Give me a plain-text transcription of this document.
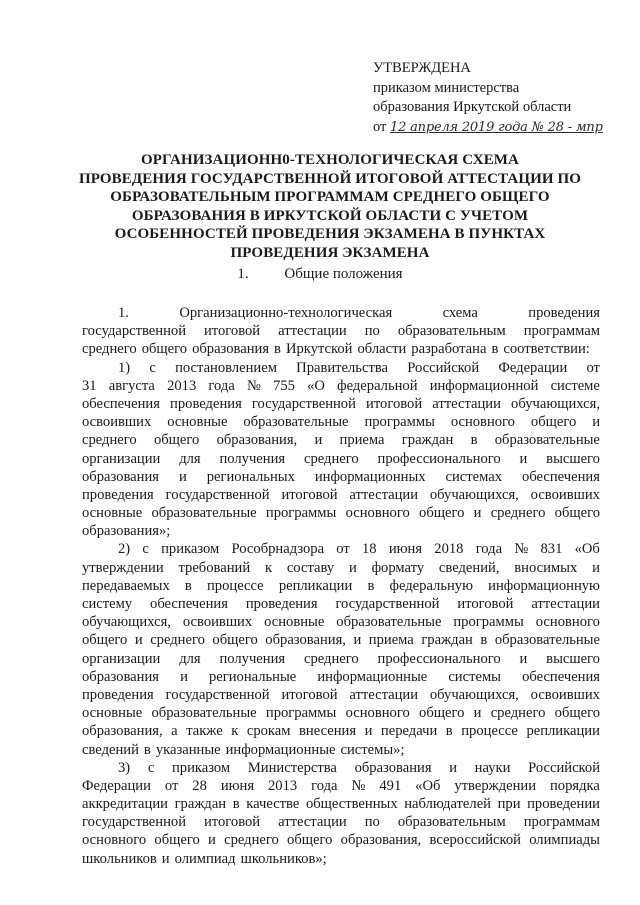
УТВЕРЖДЕНА
приказом министерства
образования Иркутской области
от 12 апреля 2019 года № 28 - мпр
ОРГАНИЗАЦИОНН0-ТЕХНОЛОГИЧЕСКАЯ СХЕМА
ПРОВЕДЕНИЯ ГОСУДАРСТВЕННОЙ ИТОГОВОЙ АТТЕСТАЦИИ ПО
ОБРАЗОВАТЕЛЬНЫМ ПРОГРАММАМ СРЕДНЕГО ОБЩЕГО
ОБРАЗОВАНИЯ В ИРКУТСКОЙ ОБЛАСТИ С УЧЕТОМ
ОСОБЕННОСТЕЙ ПРОВЕДЕНИЯ ЭКЗАМЕНА В ПУНКТАХ
ПРОВЕДЕНИЯ ЭКЗАМЕНА
1. Общие положения
1.	Организационно-технологическая	схема	проведения
государственной итоговой аттестации по образовательным программам
среднего общего образования в Иркутской области разработана в соответствии:
1) с постановлением Правительства Российской Федерации от
31 августа 2013 года № 755 «О федеральной информационной системе
обеспечения проведения государственной итоговой аттестации обучающихся,
освоивших основные образовательные программы основного общего и
среднего общего образования, и приема граждан в образовательные
организации для получения среднего профессионального и высшего
образования и региональных информационных системах обеспечения
проведения государственной итоговой аттестации обучающихся, освоивших
основные образовательные программы основного общего и среднего общего
образования»;
2) с приказом Рособрнадзора от 18 июня 2018 года № 831 «Об
утверждении требований к составу и формату сведений, вносимых и
передаваемых в процессе репликации в федеральную информационную
систему обеспечения проведения государственной итоговой аттестации
обучающихся, освоивших основные образовательные программы основного
общего и среднего общего образования, и приема граждан в образовательные
организации для получения среднего профессионального и высшего
образования и региональные информационные системы обеспечения
проведения государственной итоговой аттестации обучающихся, освоивших
основные образовательные программы основного общего и среднего общего
образования, а также к срокам внесения и передачи в процессе репликации
сведений в указанные информационные системы»;
3) с приказом Министерства образования и науки Российской
Федерации от 28 июня 2013 года № 491 «Об утверждении порядка
аккредитации граждан в качестве общественных наблюдателей при проведении
государственной итоговой аттестации по образовательным программам
основного общего и среднего общего образования, всероссийской олимпиады
школьников и олимпиад школьников»;
